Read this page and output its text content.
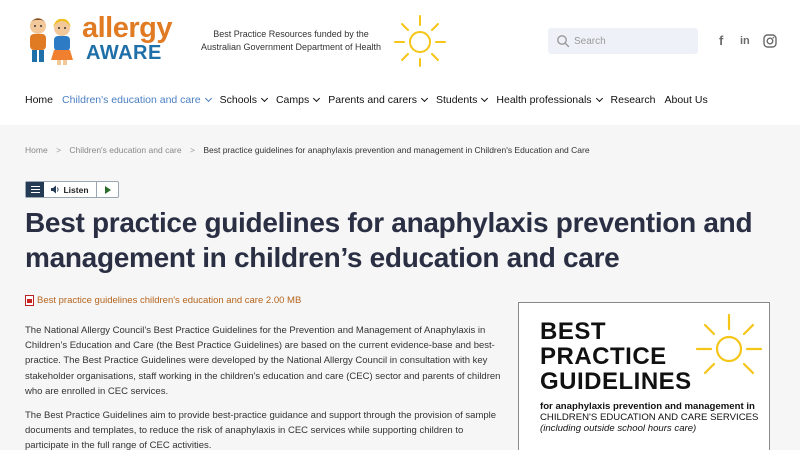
allergy
AWARE
Best Practice Resources funded by the Australian Government Department of Health
Search	f	in
Home Children's education and care Schools Camps Parents and carers Students Health professionals Research About Us
Home > Children's education and care > Best practice guidelines for anaphylaxis prevention and management in Children's Education and Care
Listen
Best practice guidelines for anaphylaxis prevention and management in children’s education and care
Best practice guidelines children's education and care 2.00 MB

The National Allergy Council’s Best Practice Guidelines for the Prevention and Management of Anaphylaxis in Children’s Education and Care (the Best Practice Guidelines) are based on the current evidence-base and best-practice. The Best Practice Guidelines were developed by the National Allergy Council in consultation with key stakeholder organisations, staff working in the children’s education and care (CEC) sector and parents of children who are enrolled in CEC services.

The Best Practice Guidelines aim to provide best-practice guidance and support through the provision of sample documents and templates, to reduce the risk of anaphylaxis in CEC services while supporting children to participate in the full range of CEC activities.

BEST
PRACTICE
GUIDELINES
for anaphylaxis prevention and management in CHILDREN'S EDUCATION AND CARE SERVICES
(including outside school hours care)
